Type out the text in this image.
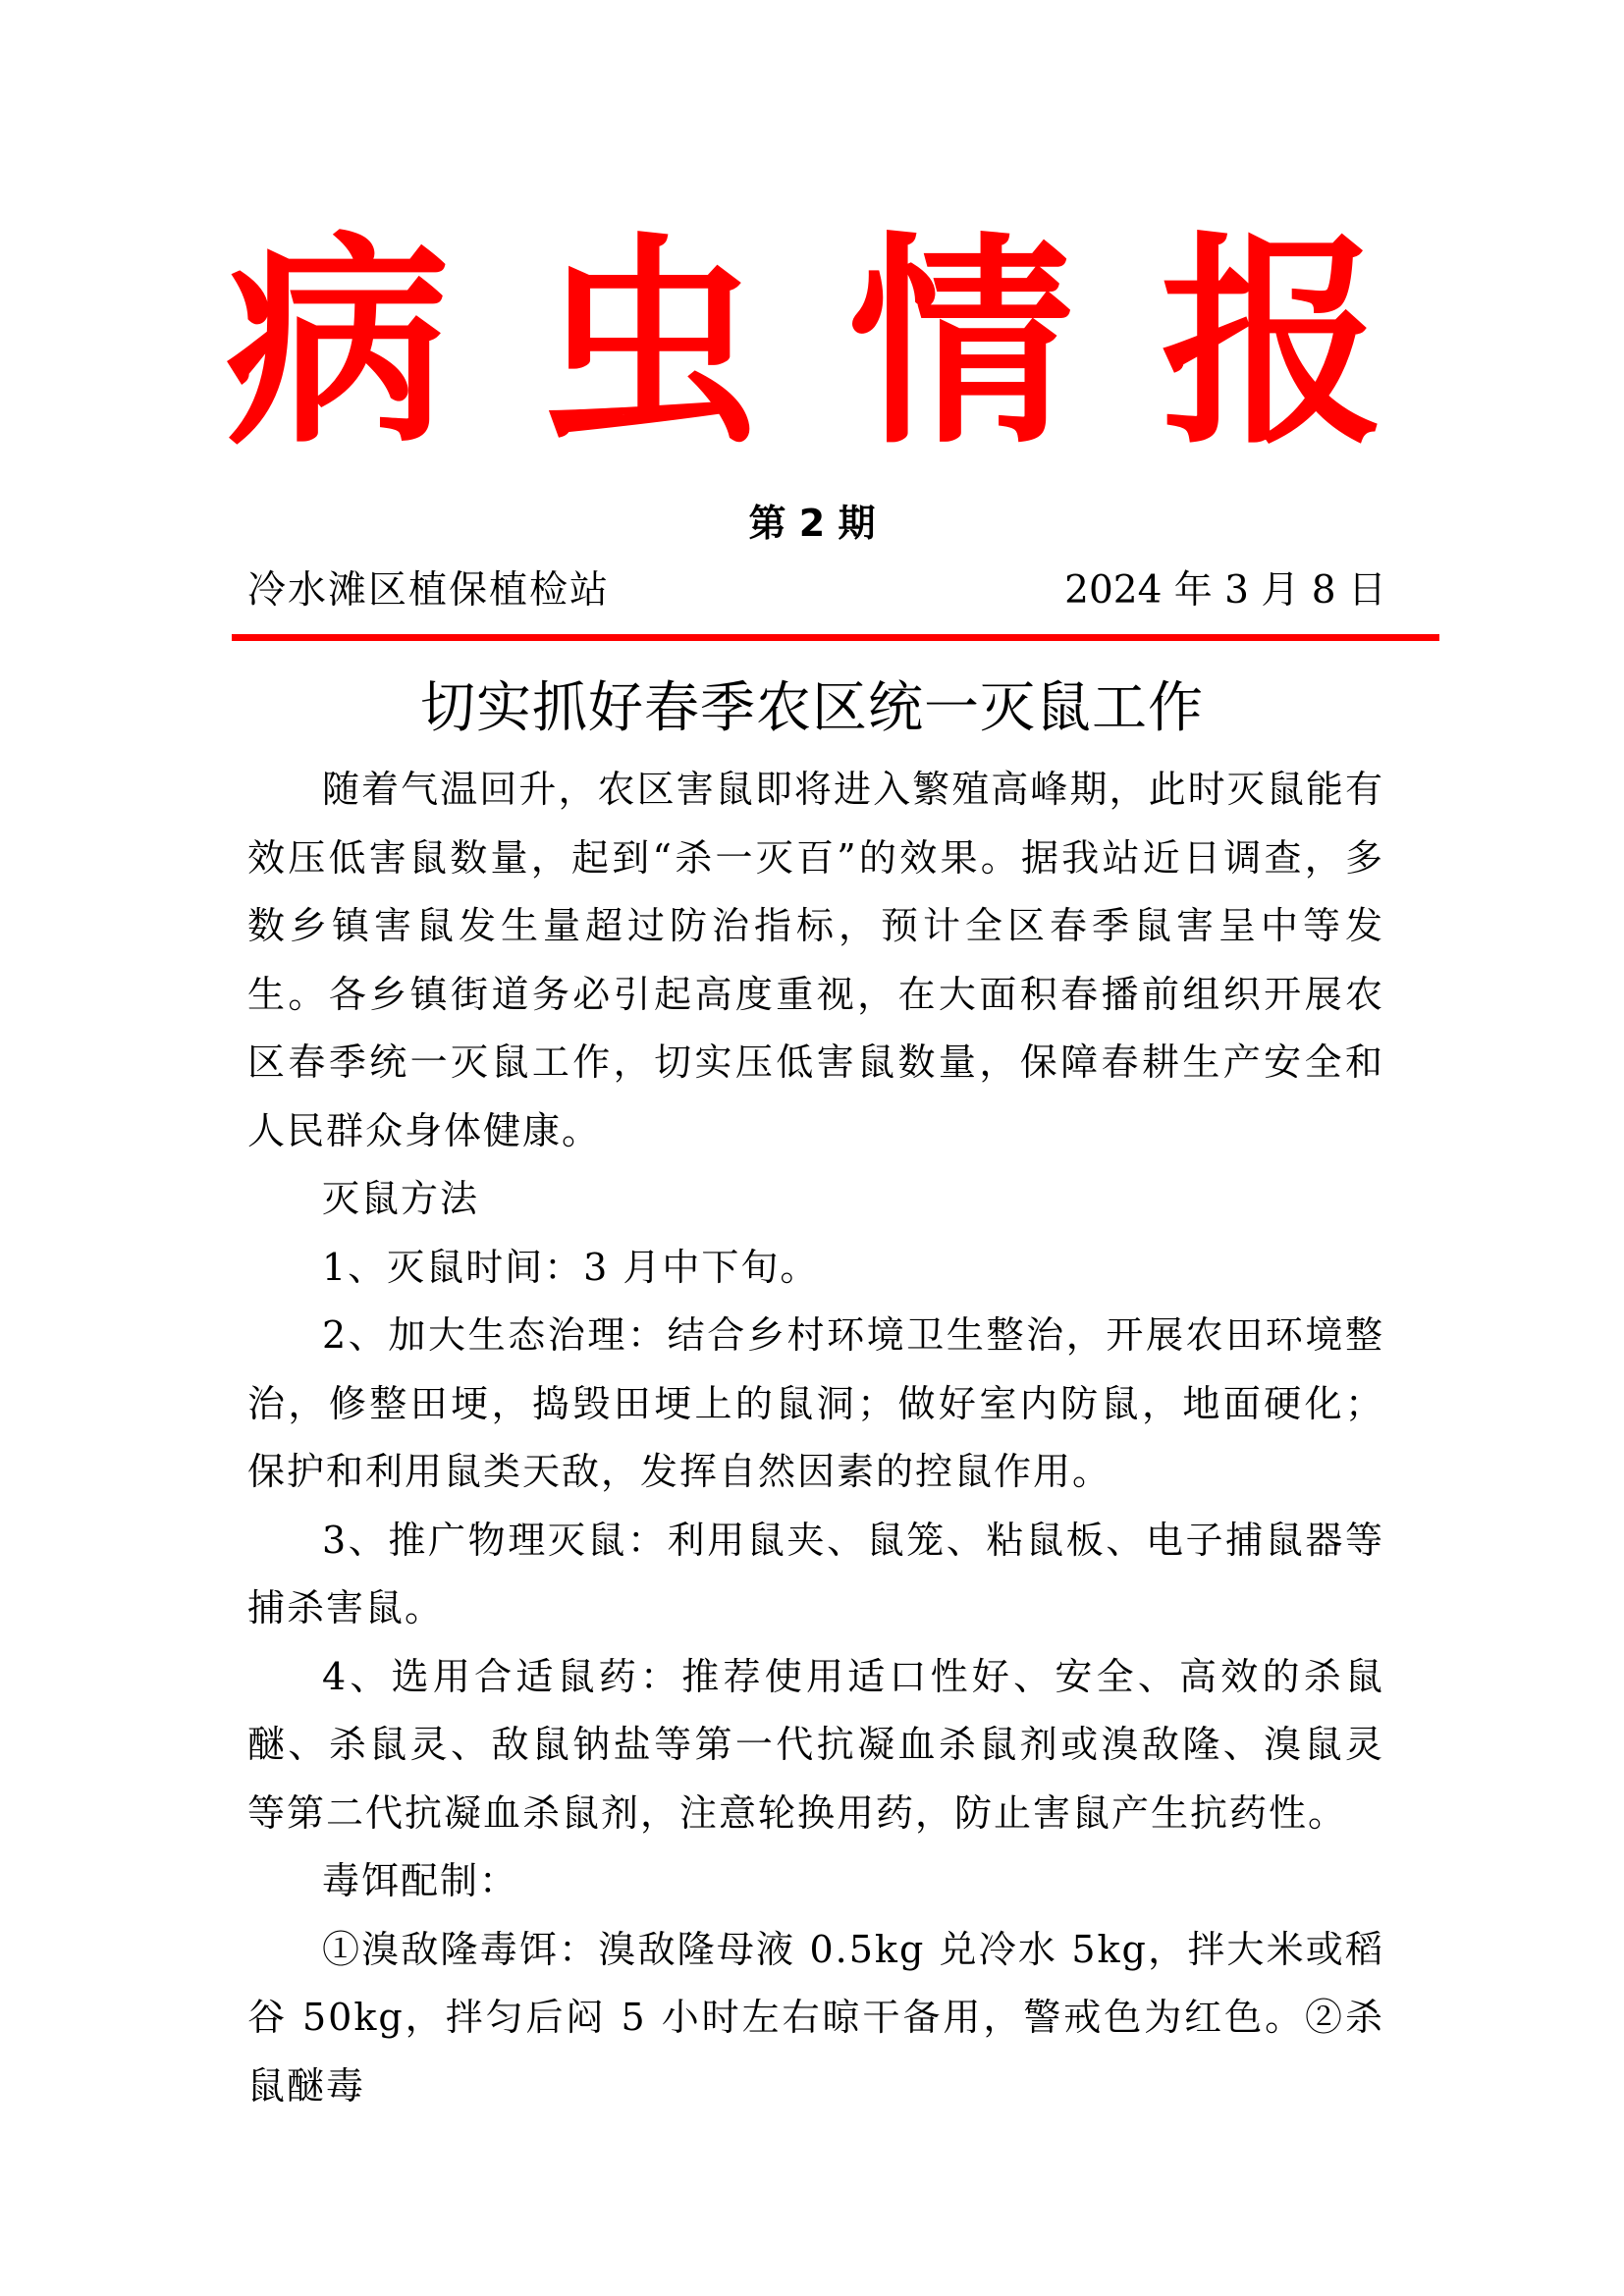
病 虫 情 报
第 2 期
冷水滩区植保植检站	2024 年 3 月 8 日
切实抓好春季农区统一灭鼠工作

随着气温回升，农区害鼠即将进入繁殖高峰期，此时灭鼠能有效压低害鼠数量，起到“杀一灭百”的效果。据我站近日调查，多数乡镇害鼠发生量超过防治指标，预计全区春季鼠害呈中等发生。各乡镇街道务必引起高度重视，在大面积春播前组织开展农区春季统一灭鼠工作，切实压低害鼠数量，保障春耕生产安全和人民群众身体健康。

灭鼠方法

1、灭鼠时间：3 月中下旬。

2、加大生态治理：结合乡村环境卫生整治，开展农田环境整治，修整田埂，捣毁田埂上的鼠洞；做好室内防鼠，地面硬化；保护和利用鼠类天敌，发挥自然因素的控鼠作用。

3、推广物理灭鼠：利用鼠夹、鼠笼、粘鼠板、电子捕鼠器等捕杀害鼠。

4、选用合适鼠药：推荐使用适口性好、安全、高效的杀鼠醚、杀鼠灵、敌鼠钠盐等第一代抗凝血杀鼠剂或溴敌隆、溴鼠灵等第二代抗凝血杀鼠剂，注意轮换用药，防止害鼠产生抗药性。

毒饵配制：

①溴敌隆毒饵：溴敌隆母液 0.5kg 兑冷水 5kg，拌大米或稻谷 50kg，拌匀后闷 5 小时左右晾干备用，警戒色为红色。②杀鼠醚毒
